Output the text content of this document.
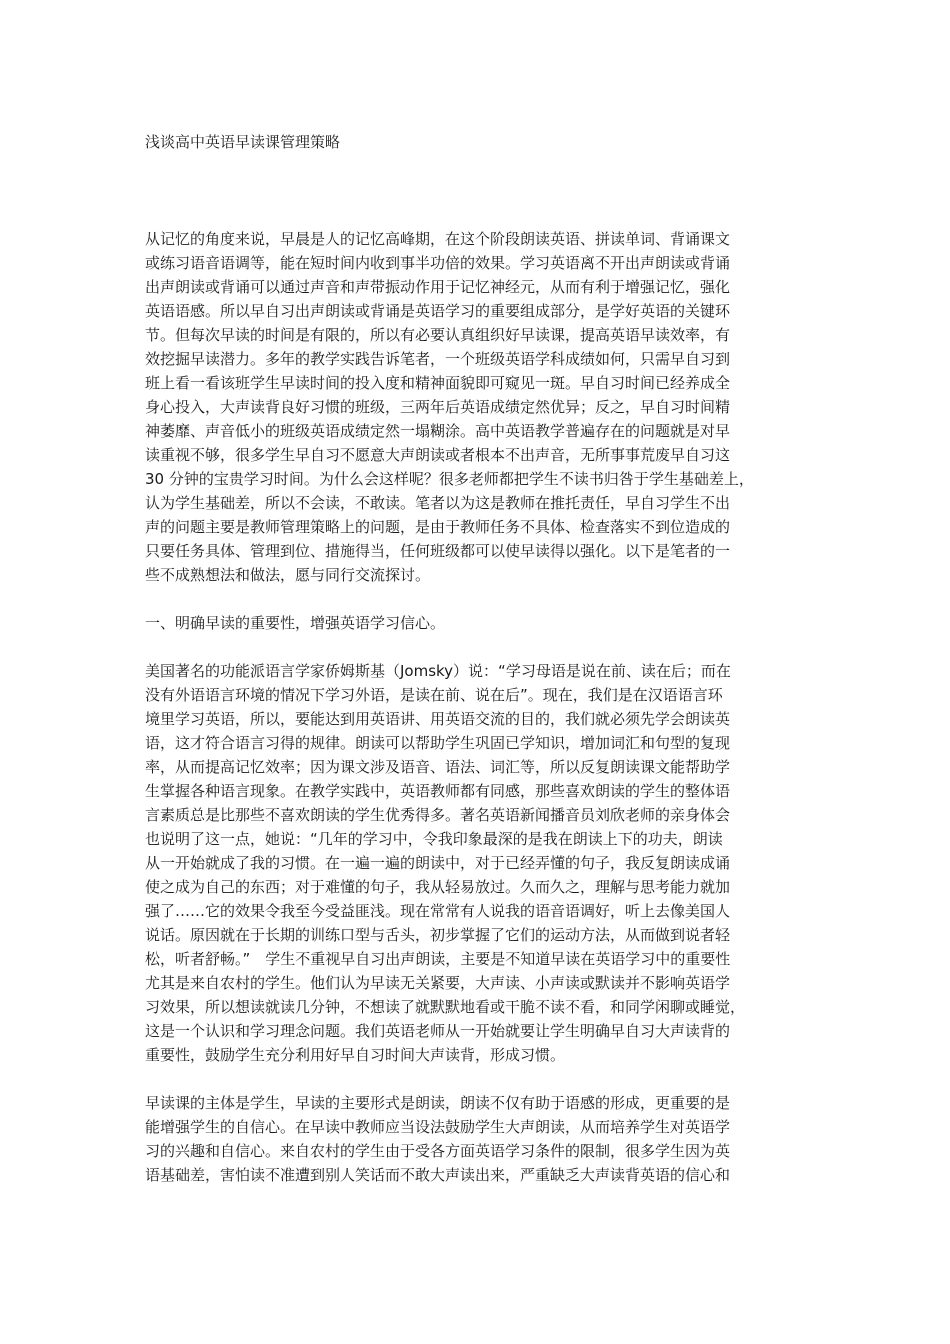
浅谈高中英语早读课管理策略

从记忆的角度来说，早晨是人的记忆高峰期，在这个阶段朗读英语、拼读单词、背诵课文
或练习语音语调等，能在短时间内收到事半功倍的效果。学习英语离不开出声朗读或背诵
出声朗读或背诵可以通过声音和声带振动作用于记忆神经元，从而有利于增强记忆，强化
英语语感。所以早自习出声朗读或背诵是英语学习的重要组成部分，是学好英语的关键环
节。但每次早读的时间是有限的，所以有必要认真组织好早读课，提高英语早读效率，有
效挖掘早读潜力。多年的教学实践告诉笔者，一个班级英语学科成绩如何，只需早自习到
班上看一看该班学生早读时间的投入度和精神面貌即可窥见一斑。早自习时间已经养成全
身心投入，大声读背良好习惯的班级，三两年后英语成绩定然优异；反之，早自习时间精
神萎靡、声音低小的班级英语成绩定然一塌糊涂。高中英语教学普遍存在的问题就是对早
读重视不够，很多学生早自习不愿意大声朗读或者根本不出声音，无所事事荒废早自习这
30 分钟的宝贵学习时间。为什么会这样呢？很多老师都把学生不读书归咎于学生基础差上，
认为学生基础差，所以不会读，不敢读。笔者以为这是教师在推托责任，早自习学生不出
声的问题主要是教师管理策略上的问题，是由于教师任务不具体、检查落实不到位造成的
只要任务具体、管理到位、措施得当，任何班级都可以使早读得以强化。以下是笔者的一
些不成熟想法和做法，愿与同行交流探讨。

一、明确早读的重要性，增强英语学习信心。

美国著名的功能派语言学家侨姆斯基（Jomsky）说：“学习母语是说在前、读在后；而在
没有外语语言环境的情况下学习外语，是读在前、说在后”。现在，我们是在汉语语言环
境里学习英语，所以，要能达到用英语讲、用英语交流的目的，我们就必须先学会朗读英
语，这才符合语言习得的规律。朗读可以帮助学生巩固已学知识，增加词汇和句型的复现
率，从而提高记忆效率；因为课文涉及语音、语法、词汇等，所以反复朗读课文能帮助学
生掌握各种语言现象。在教学实践中，英语教师都有同感，那些喜欢朗读的学生的整体语
言素质总是比那些不喜欢朗读的学生优秀得多。著名英语新闻播音员刘欣老师的亲身体会
也说明了这一点，她说：“几年的学习中，令我印象最深的是我在朗读上下的功夫，朗读
从一开始就成了我的习惯。在一遍一遍的朗读中，对于已经弄懂的句子，我反复朗读成诵
使之成为自己的东西；对于难懂的句子，我从轻易放过。久而久之，理解与思考能力就加
强了……它的效果令我至今受益匪浅。现在常常有人说我的语音语调好，听上去像美国人
说话。原因就在于长期的训练口型与舌头，初步掌握了它们的运动方法，从而做到说者轻
松，听者舒畅。”　学生不重视早自习出声朗读，主要是不知道早读在英语学习中的重要性
尤其是来自农村的学生。他们认为早读无关紧要，大声读、小声读或默读并不影响英语学
习效果，所以想读就读几分钟，不想读了就默默地看或干脆不读不看，和同学闲聊或睡觉，
这是一个认识和学习理念问题。我们英语老师从一开始就要让学生明确早自习大声读背的
重要性，鼓励学生充分利用好早自习时间大声读背，形成习惯。

早读课的主体是学生，早读的主要形式是朗读，朗读不仅有助于语感的形成，更重要的是
能增强学生的自信心。在早读中教师应当设法鼓励学生大声朗读，从而培养学生对英语学
习的兴趣和自信心。来自农村的学生由于受各方面英语学习条件的限制，很多学生因为英
语基础差，害怕读不准遭到别人笑话而不敢大声读出来，严重缺乏大声读背英语的信心和
